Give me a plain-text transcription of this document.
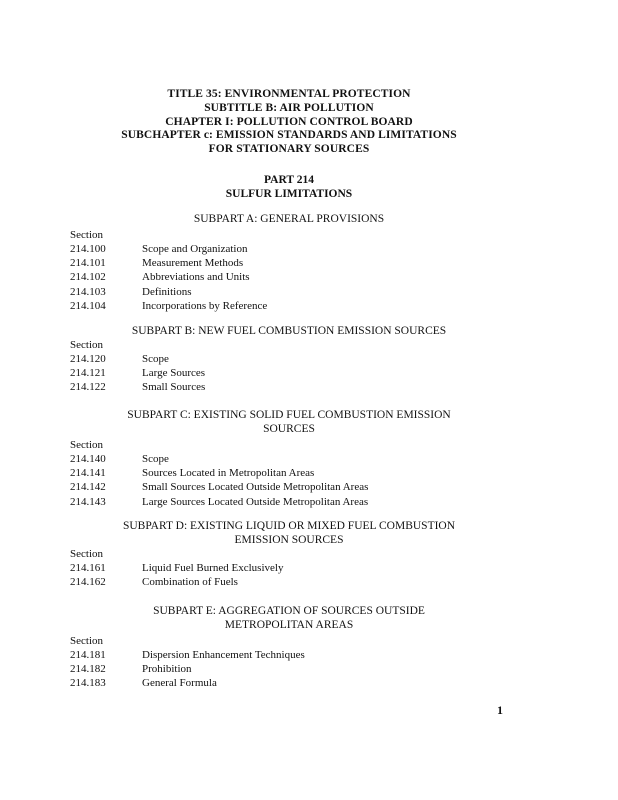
TITLE 35: ENVIRONMENTAL PROTECTION
SUBTITLE B: AIR POLLUTION
CHAPTER I: POLLUTION CONTROL BOARD
SUBCHAPTER c: EMISSION STANDARDS AND LIMITATIONS
FOR STATIONARY SOURCES
PART 214
SULFUR LIMITATIONS
SUBPART A: GENERAL PROVISIONS
Section
214.100	Scope and Organization
214.101	Measurement Methods
214.102	Abbreviations and Units
214.103	Definitions
214.104	Incorporations by Reference
SUBPART B: NEW FUEL COMBUSTION EMISSION SOURCES
Section
214.120	Scope
214.121	Large Sources
214.122	Small Sources
SUBPART C: EXISTING SOLID FUEL COMBUSTION EMISSION
SOURCES
Section
214.140	Scope
214.141	Sources Located in Metropolitan Areas
214.142	Small Sources Located Outside Metropolitan Areas
214.143	Large Sources Located Outside Metropolitan Areas
SUBPART D: EXISTING LIQUID OR MIXED FUEL COMBUSTION
EMISSION SOURCES
Section
214.161	Liquid Fuel Burned Exclusively
214.162	Combination of Fuels
SUBPART E: AGGREGATION OF SOURCES OUTSIDE
METROPOLITAN AREAS
Section
214.181	Dispersion Enhancement Techniques
214.182	Prohibition
214.183	General Formula
1
